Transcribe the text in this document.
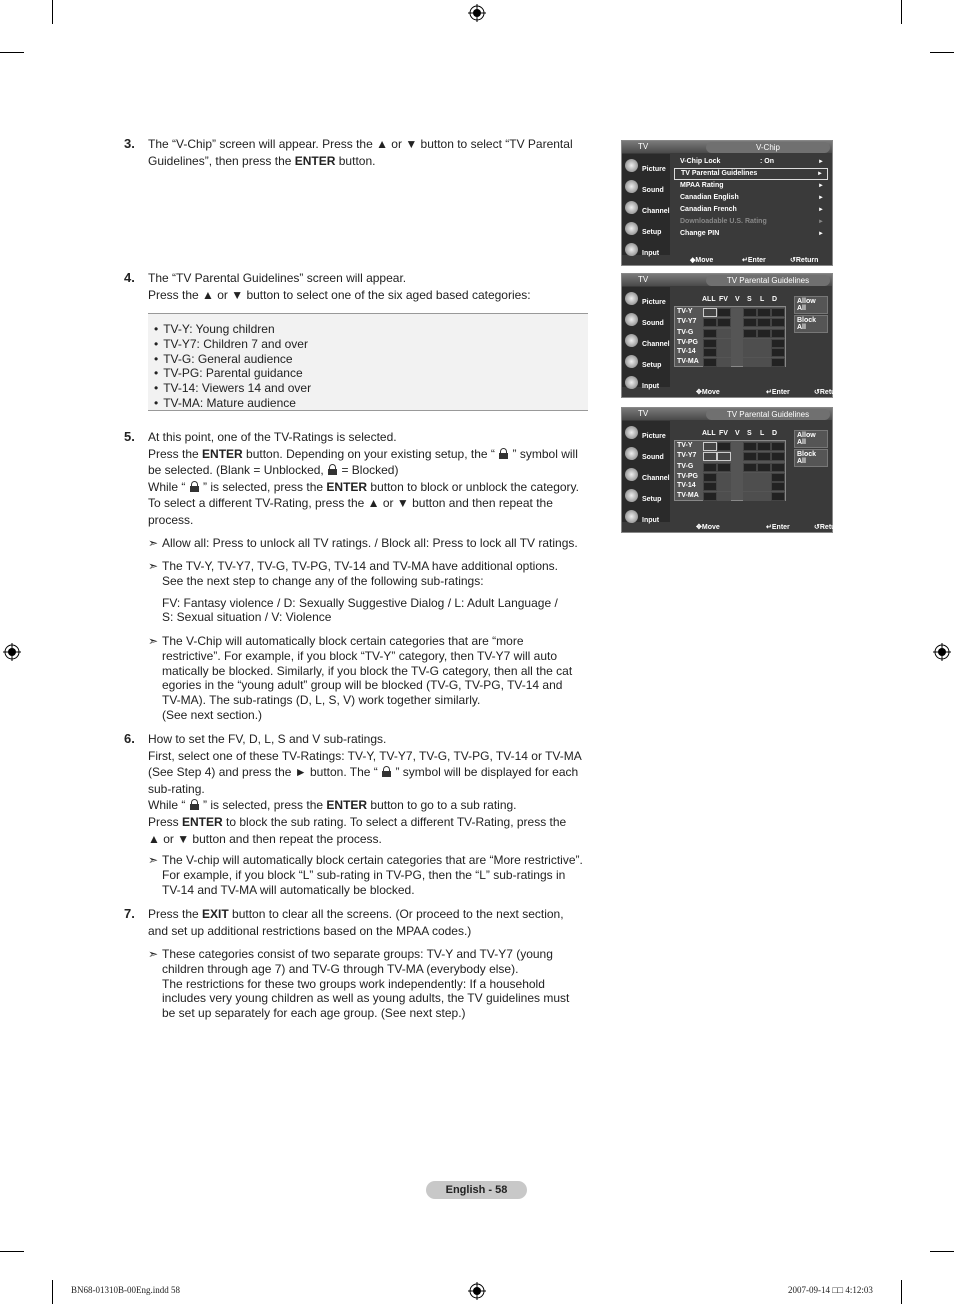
3. The “V-Chip” screen will appear. Press the ▲ or ▼ button to select “TV Parental
Guidelines”, then press the ENTER button.
4. The “TV Parental Guidelines” screen will appear.
Press the ▲ or ▼ button to select one of the six aged based categories:
• TV-Y: Young children
• TV-Y7: Children 7 and over
• TV-G: General audience
• TV-PG: Parental guidance
• TV-14: Viewers 14 and over
• TV-MA: Mature audience
5. At this point, one of the TV-Ratings is selected.
Press the ENTER button. Depending on your existing setup, the “  ” symbol will
be selected. (Blank = Unblocked,  = Blocked)
While “  ” is selected, press the ENTER button to block or unblock the category.
To select a different TV-Rating, press the ▲ or ▼ button and then repeat the
process.
➣ Allow all: Press to unlock all TV ratings. / Block all: Press to lock all TV ratings.
➣ The TV-Y, TV-Y7, TV-G, TV-PG, TV-14 and TV-MA have additional options.
See the next step to change any of the following sub-ratings:
FV: Fantasy violence / D: Sexually Suggestive Dialog / L: Adult Language /
S: Sexual situation / V: Violence
➣ The V-Chip will automatically block certain categories that are “more
restrictive”. For example, if you block “TV-Y” category, then TV-Y7 will auto
matically be blocked. Similarly, if you block the TV-G category, then all the cat
egories in the “young adult” group will be blocked (TV-G, TV-PG, TV-14 and
TV-MA). The sub-ratings (D, L, S, V) work together similarly.
(See next section.)
6. How to set the FV, D, L, S and V sub-ratings.
First, select one of these TV-Ratings: TV-Y, TV-Y7, TV-G, TV-PG, TV-14 or TV-MA
(See Step 4) and press the ► button. The “  ” symbol will be displayed for each
sub-rating.
While “  ” is selected, press the ENTER button to go to a sub rating.
Press ENTER to block the sub rating. To select a different TV-Rating, press the
▲ or ▼ button and then repeat the process.
➣ The V-chip will automatically block certain categories that are “More restrictive”.
For example, if you block “L” sub-rating in TV-PG, then the “L” sub-ratings in
TV-14 and TV-MA will automatically be blocked.
7. Press the EXIT button to clear all the screens. (Or proceed to the next section,
and set up additional restrictions based on the MPAA codes.)
➣ These categories consist of two separate groups: TV-Y and TV-Y7 (young
children through age 7) and TV-G through TV-MA (everybody else).
The restrictions for these two groups work independently: If a household
includes very young children as well as young adults, the TV guidelines must
be set up separately for each age group. (See next step.)
TV	V-Chip
Picture
Sound
Channel
Setup
Input
V-Chip Lock	: On	►
TV Parental Guidelines	►
MPAA Rating	►
Canadian English	►
Canadian French	►
Downloadable U.S. Rating	►
Change PIN	►
◆ Move	↵ Enter	↺ Return
TV	TV Parental Guidelines
Picture
Sound
Channel
Setup
Input
ALL FV V S L D
TV-Y
TV-Y7
TV-G
TV-PG
TV-14
TV-MA
Allow All
Block All
✥ Move	↵ Enter	↺ Return
TV	TV Parental Guidelines
Picture
Sound
Channel
Setup
Input
ALL FV V S L D
TV-Y
TV-Y7
TV-G
TV-PG
TV-14
TV-MA
Allow All
Block All
✥ Move	↵ Enter	↺ Return
English - 58
BN68-01310B-00Eng.indd 58	2007-09-14 □□ 4:12:03
